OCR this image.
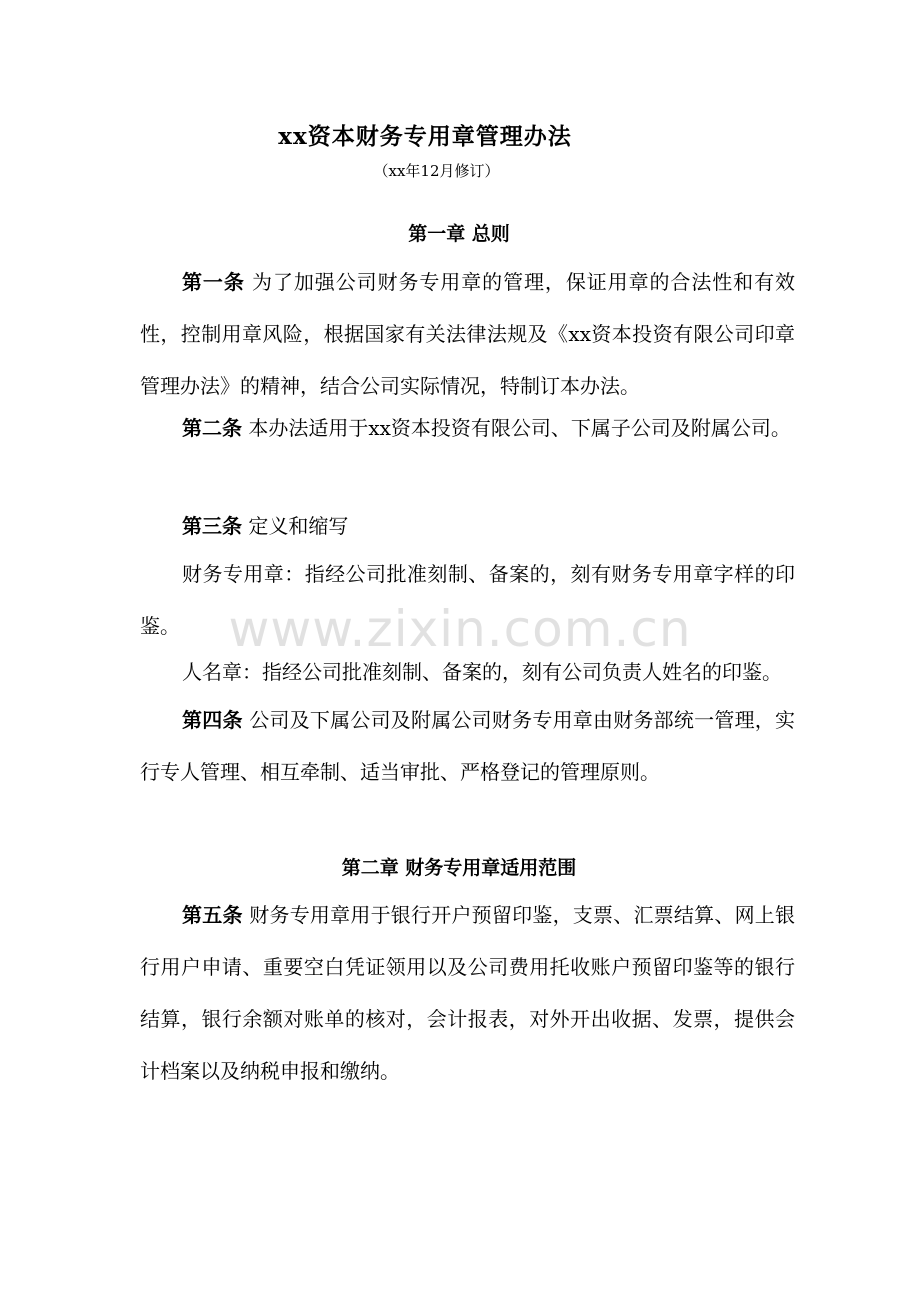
xx资本财务专用章管理办法
（xx年12月修订）
第一章 总则

第一条 为了加强公司财务专用章的管理，保证用章的合法性和有效性，控制用章风险，根据国家有关法律法规及《xx资本投资有限公司印章管理办法》的精神，结合公司实际情况，特制订本办法。

第二条 本办法适用于xx资本投资有限公司、下属子公司及附属公司。

第三条 定义和缩写

财务专用章：指经公司批准刻制、备案的，刻有财务专用章字样的印鉴。

人名章：指经公司批准刻制、备案的，刻有公司负责人姓名的印鉴。

第四条 公司及下属公司及附属公司财务专用章由财务部统一管理，实行专人管理、相互牵制、适当审批、严格登记的管理原则。

第二章 财务专用章适用范围

第五条 财务专用章用于银行开户预留印鉴，支票、汇票结算、网上银行用户申请、重要空白凭证领用以及公司费用托收账户预留印鉴等的银行结算，银行余额对账单的核对，会计报表，对外开出收据、发票，提供会计档案以及纳税申报和缴纳。

www.zixin.com.cn
